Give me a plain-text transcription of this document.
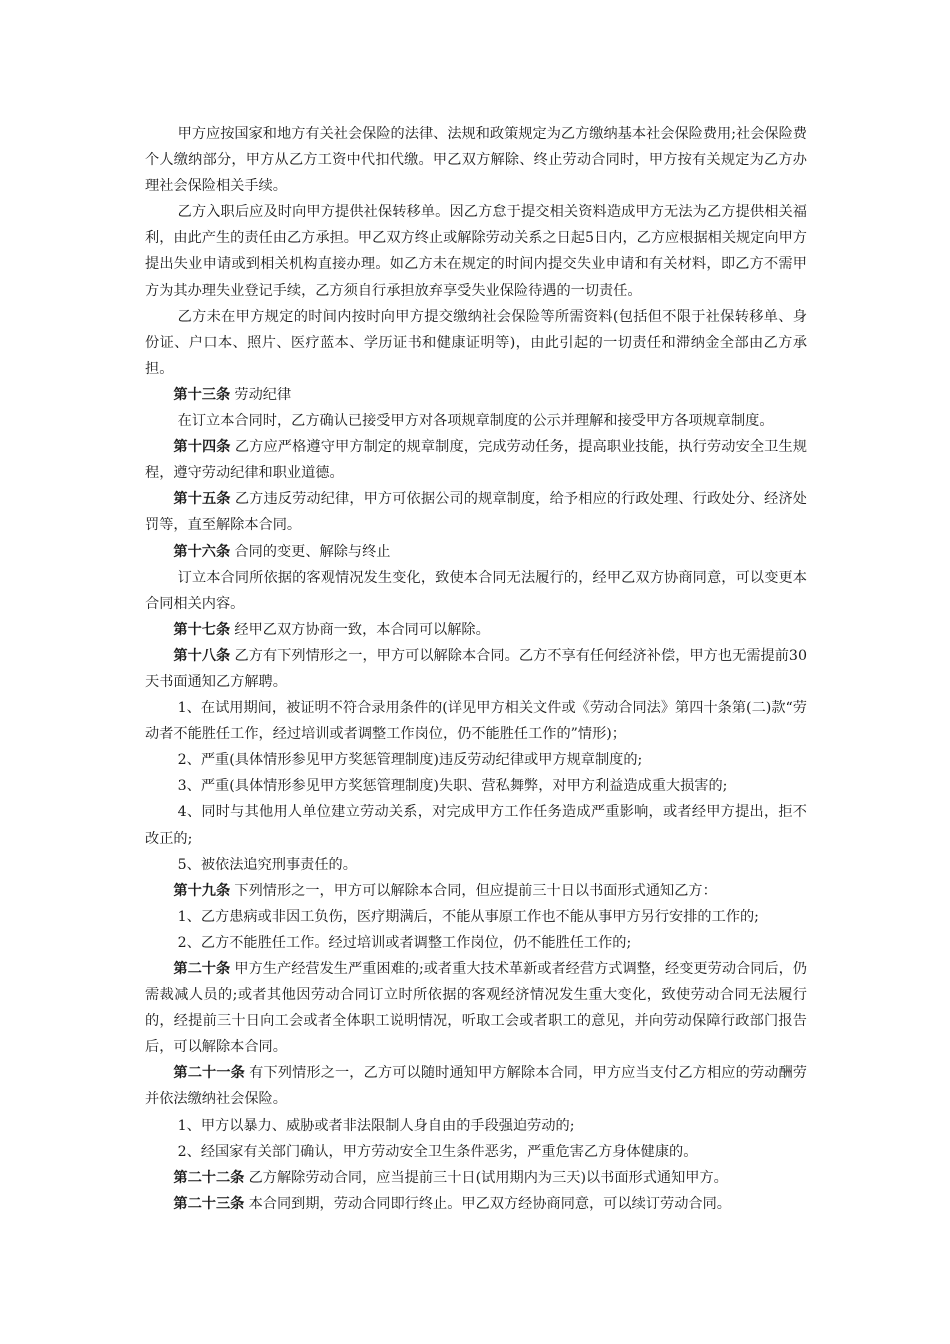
甲方应按国家和地方有关社会保险的法律、法规和政策规定为乙方缴纳基本社会保险费用;社会保险费个人缴纳部分，甲方从乙方工资中代扣代缴。甲乙双方解除、终止劳动合同时，甲方按有关规定为乙方办理社会保险相关手续。

乙方入职后应及时向甲方提供社保转移单。因乙方怠于提交相关资料造成甲方无法为乙方提供相关福利，由此产生的责任由乙方承担。甲乙双方终止或解除劳动关系之日起5日内，乙方应根据相关规定向甲方提出失业申请或到相关机构直接办理。如乙方未在规定的时间内提交失业申请和有关材料，即乙方不需甲方为其办理失业登记手续，乙方须自行承担放弃享受失业保险待遇的一切责任。

乙方未在甲方规定的时间内按时向甲方提交缴纳社会保险等所需资料(包括但不限于社保转移单、身份证、户口本、照片、医疗蓝本、学历证书和健康证明等)，由此引起的一切责任和滞纳金全部由乙方承担。

第十三条 劳动纪律

在订立本合同时，乙方确认已接受甲方对各项规章制度的公示并理解和接受甲方各项规章制度。

第十四条 乙方应严格遵守甲方制定的规章制度，完成劳动任务，提高职业技能，执行劳动安全卫生规程，遵守劳动纪律和职业道德。

第十五条 乙方违反劳动纪律，甲方可依据公司的规章制度，给予相应的行政处理、行政处分、经济处罚等，直至解除本合同。

第十六条 合同的变更、解除与终止

订立本合同所依据的客观情况发生变化，致使本合同无法履行的，经甲乙双方协商同意，可以变更本合同相关内容。

第十七条 经甲乙双方协商一致，本合同可以解除。

第十八条 乙方有下列情形之一，甲方可以解除本合同。乙方不享有任何经济补偿，甲方也无需提前30天书面通知乙方解聘。

1、在试用期间，被证明不符合录用条件的(详见甲方相关文件或《劳动合同法》第四十条第(二)款“劳动者不能胜任工作，经过培训或者调整工作岗位，仍不能胜任工作的”情形)；

2、严重(具体情形参见甲方奖惩管理制度)违反劳动纪律或甲方规章制度的;

3、严重(具体情形参见甲方奖惩管理制度)失职、营私舞弊，对甲方利益造成重大损害的;

4、同时与其他用人单位建立劳动关系，对完成甲方工作任务造成严重影响，或者经甲方提出，拒不改正的;

5、被依法追究刑事责任的。

第十九条 下列情形之一，甲方可以解除本合同，但应提前三十日以书面形式通知乙方：

1、乙方患病或非因工负伤，医疗期满后，不能从事原工作也不能从事甲方另行安排的工作的;

2、乙方不能胜任工作。经过培训或者调整工作岗位，仍不能胜任工作的;

第二十条 甲方生产经营发生严重困难的;或者重大技术革新或者经营方式调整，经变更劳动合同后，仍需裁减人员的;或者其他因劳动合同订立时所依据的客观经济情况发生重大变化，致使劳动合同无法履行的，经提前三十日向工会或者全体职工说明情况，听取工会或者职工的意见，并向劳动保障行政部门报告后，可以解除本合同。

第二十一条 有下列情形之一，乙方可以随时通知甲方解除本合同，甲方应当支付乙方相应的劳动酬劳并依法缴纳社会保险。

1、甲方以暴力、威胁或者非法限制人身自由的手段强迫劳动的;

2、经国家有关部门确认，甲方劳动安全卫生条件恶劣，严重危害乙方身体健康的。

第二十二条 乙方解除劳动合同，应当提前三十日(试用期内为三天)以书面形式通知甲方。

第二十三条 本合同到期，劳动合同即行终止。甲乙双方经协商同意，可以续订劳动合同。
